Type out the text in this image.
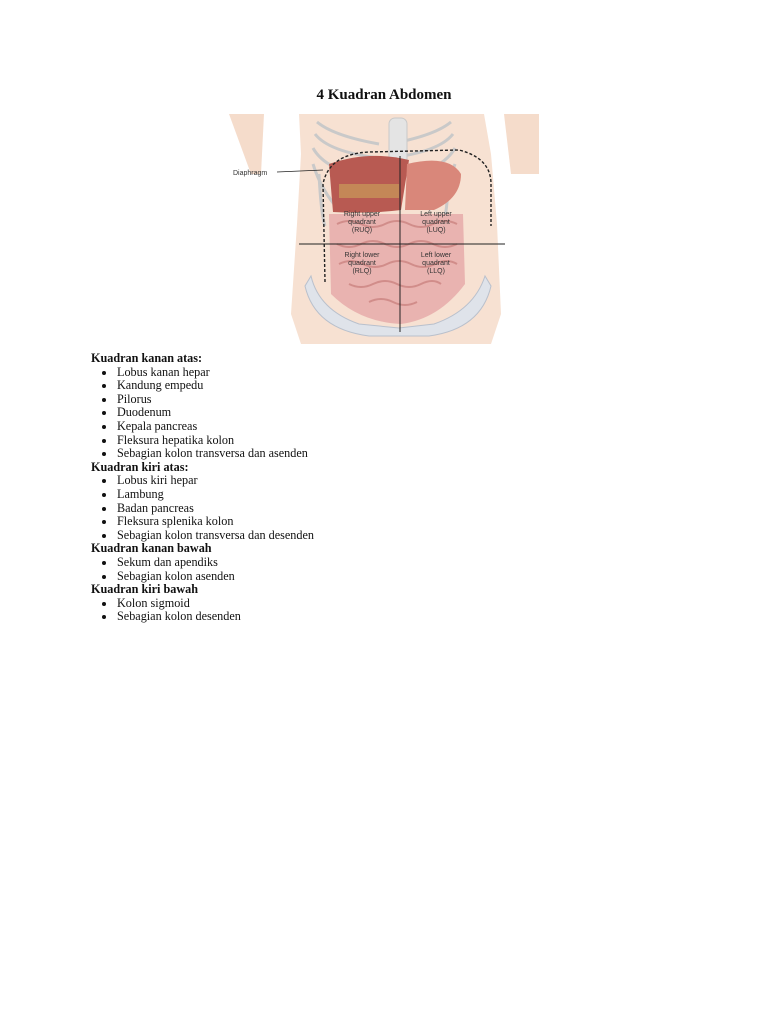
4 Kuadran Abdomen
Diaphragm
Right upper
quadrant
(RUQ)
Left upper
quadrant
(LUQ)
Right lower
quadrant
(RLQ)
Left lower
quadrant
(LLQ)

Kuadran kanan atas:

Lobus kanan hepar
Kandung empedu
Pilorus
Duodenum
Kepala pancreas
Fleksura hepatika kolon
Sebagian kolon transversa dan asenden

Kuadran kiri atas:

Lobus kiri hepar
Lambung
Badan pancreas
Fleksura splenika kolon
Sebagian kolon transversa dan desenden

Kuadran kanan bawah

Sekum dan apendiks
Sebagian kolon asenden

Kuadran kiri bawah

Kolon sigmoid
Sebagian kolon desenden
